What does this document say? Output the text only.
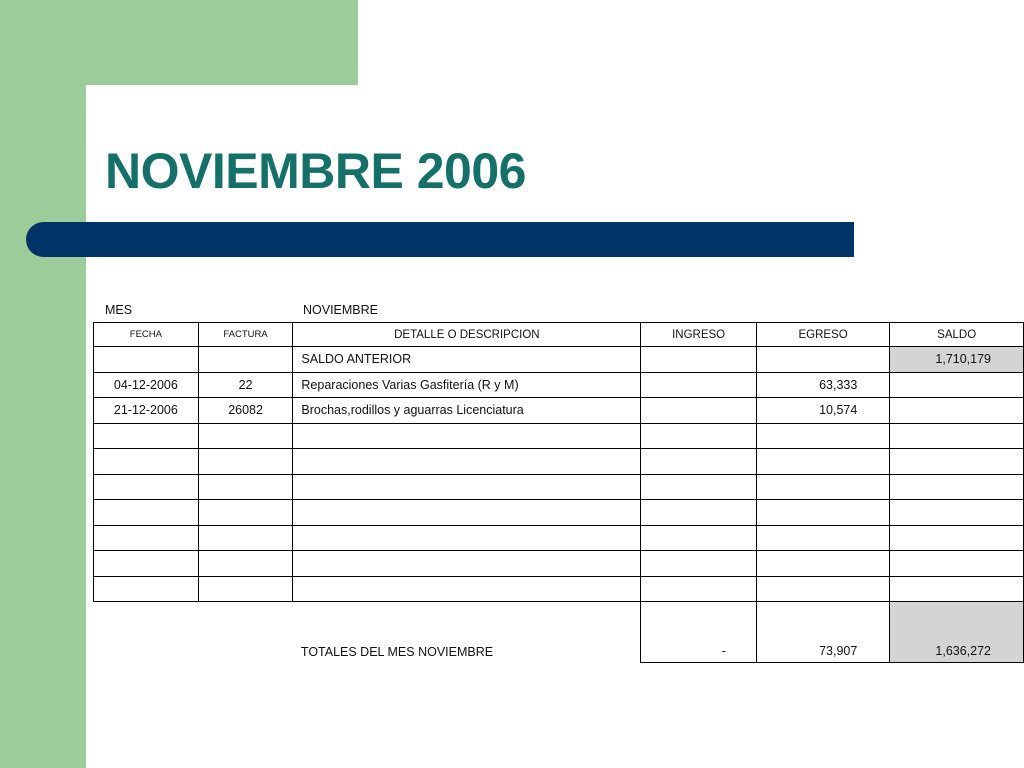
NOVIEMBRE 2006
MES	NOVIEMBRE
FECHA	FACTURA	DETALLE O DESCRIPCION	INGRESO	EGRESO	SALDO
		SALDO ANTERIOR			1,710,179
04-12-2006	22	Reparaciones Varias Gasfitería (R y M)		63,333	
21-12-2006	26082	Brochas,rodillos y aguarras Licenciatura		10,574	

		TOTALES DEL MES NOVIEMBRE	-	73,907	1,636,272
